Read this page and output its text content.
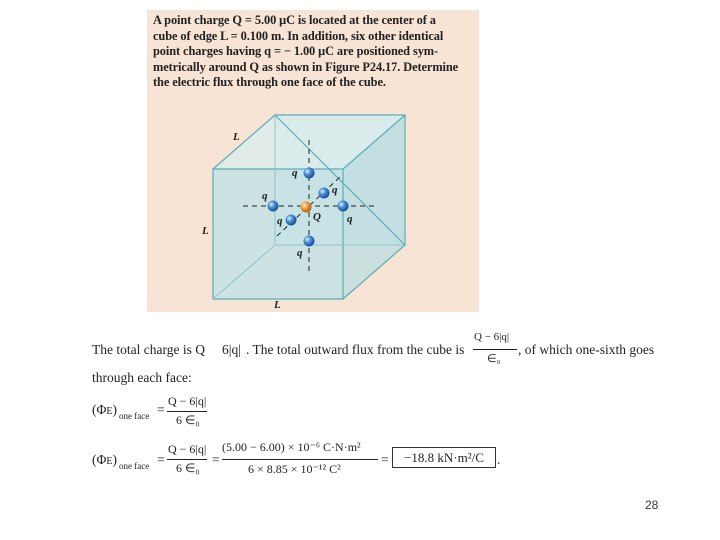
A point charge Q = 5.00 μC is located at the center of a
cube of edge L = 0.100 m. In addition, six other identical
point charges having q = − 1.00 μC are positioned sym-
metrically around Q as shown in Figure P24.17. Determine
the electric flux through one face of the cube.
L
L
L
q
q
q
q
q
q
Q
The total charge is Q 6|q| . The total outward flux from the cube is
Q − 6|q|
∈₀
, of which one-sixth goes
through each face:
(ΦE) one face =
Q − 6|q|
6 ∈₀
(ΦE) one face =
Q − 6|q|
6 ∈₀
=
(5.00 − 6.00) × 10⁻⁶ C·N·m²
6 × 8.85 × 10⁻¹² C²
=	−18.8 kN·m²/C .
28
